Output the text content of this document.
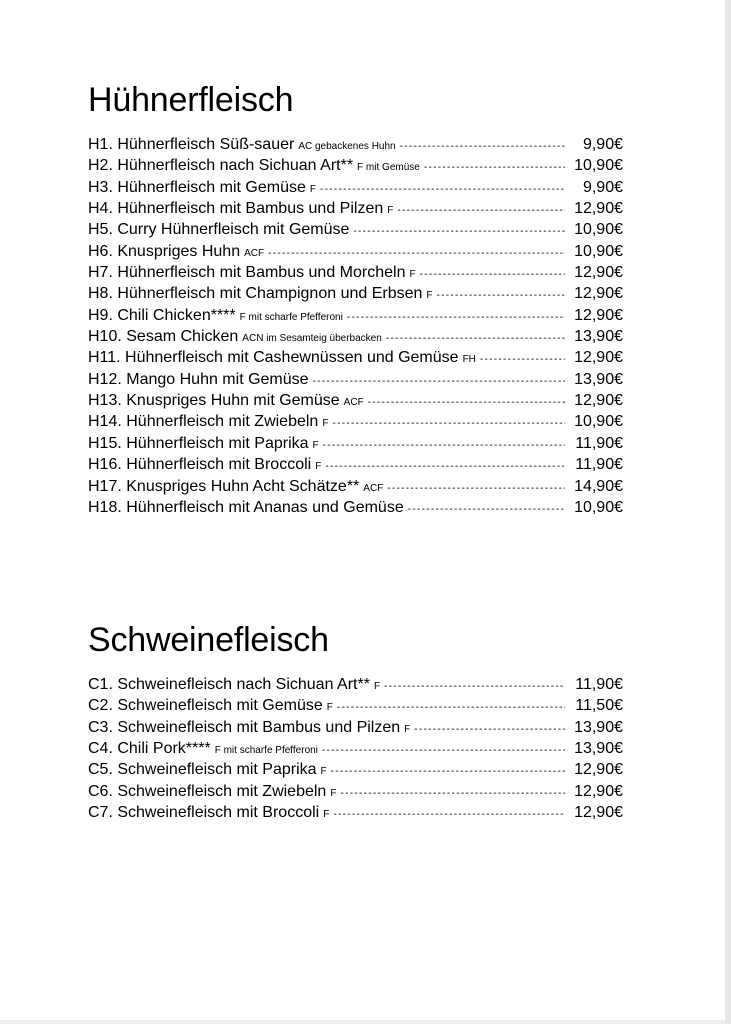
Hühnerfleisch
H1. Hühnerfleisch Süß-sauer AC gebackenes Huhn -----	9,90€
H2. Hühnerfleisch nach Sichuan Art** F mit Gemüse -----	10,90€
H3. Hühnerfleisch mit Gemüse F -----	9,90€
H4. Hühnerfleisch mit Bambus und Pilzen F -----	12,90€
H5. Curry Hühnerfleisch mit Gemüse -----	10,90€
H6. Knuspriges Huhn ACF -----	10,90€
H7. Hühnerfleisch mit Bambus und Morcheln F -----	12,90€
H8. Hühnerfleisch mit Champignon und Erbsen F -----	12,90€
H9. Chili Chicken**** F mit scharfe Pfefferoni -----	12,90€
H10. Sesam Chicken ACN im Sesamteig überbacken -----	13,90€
H11. Hühnerfleisch mit Cashewnüssen und Gemüse FH -----	12,90€
H12. Mango Huhn mit Gemüse -----	13,90€
H13. Knuspriges Huhn mit Gemüse ACF -----	12,90€
H14. Hühnerfleisch mit Zwiebeln F -----	10,90€
H15. Hühnerfleisch mit Paprika F -----	11,90€
H16. Hühnerfleisch mit Broccoli F -----	11,90€
H17. Knuspriges Huhn Acht Schätze** ACF -----	14,90€
H18. Hühnerfleisch mit Ananas und Gemüse -----	10,90€
Schweinefleisch
C1. Schweinefleisch nach Sichuan Art** F -----	11,90€
C2. Schweinefleisch mit Gemüse F -----	11,50€
C3. Schweinefleisch mit Bambus und Pilzen F -----	13,90€
C4. Chili Pork**** F mit scharfe Pfefferoni -----	13,90€
C5. Schweinefleisch mit Paprika F -----	12,90€
C6. Schweinefleisch mit Zwiebeln F -----	12,90€
C7. Schweinefleisch mit Broccoli F -----	12,90€
